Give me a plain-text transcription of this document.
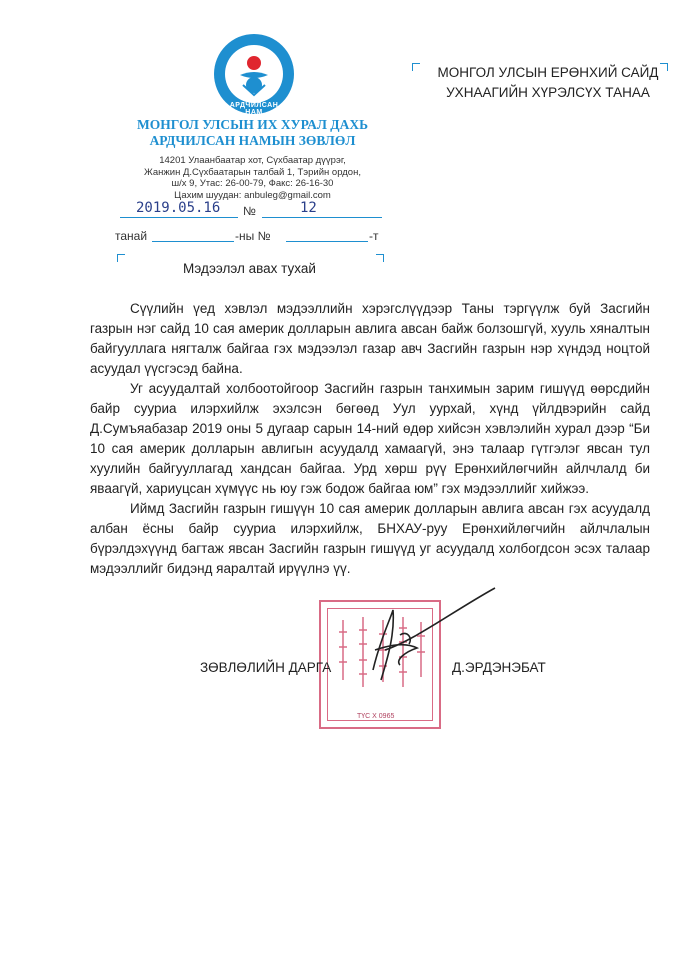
АРДЧИЛСАН НАМ
МОНГОЛ УЛСЫН ИХ ХУРАЛ ДАХЬ
АРДЧИЛСАН НАМЫН ЗӨВЛӨЛ
14201 Улаанбаатар хот, Сүхбаатар дүүрэг,
Жанжин Д.Сүхбаатарын талбай 1, Тэрийн ордон,
ш/х 9, Утас: 26-00-79, Факс: 26-16-30
Цахим шуудан: anbuleg@gmail.com
2019.05.16 №	12
танай	-ны №	-т
МОНГОЛ УЛСЫН ЕРӨНХИЙ САЙД
УХНААГИЙН ХҮРЭЛСҮХ ТАНАА
Мэдээлэл авах тухай
Сүүлийн үед хэвлэл мэдээллийн хэрэгслүүдээр Таны тэргүүлж буй Засгийн газрын нэг сайд 10 сая америк долларын авлига авсан байж болзошгүй, хууль хяналтын байгууллага нягталж байгаа гэх мэдээлэл газар авч Засгийн газрын нэр хүндэд ноцтой асуудал үүсгэсэд байна.
Уг асуудалтай холбоотойгоор Засгийн газрын танхимын зарим гишүүд өөрсдийн байр сууриа илэрхийлж эхэлсэн бөгөөд Уул уурхай, хүнд үйлдвэрийн сайд Д.Сумъяабазар 2019 оны 5 дугаар сарын 14-ний өдөр хийсэн хэвлэлийн хурал дээр “Би 10 сая америк долларын авлигын асуудалд хамаагүй, энэ талаар гүтгэлэг явсан тул хуулийн байгууллагад хандсан байгаа. Урд хөрш рүү Ерөнхийлөгчийн айлчлалд би яваагүй, хариуцсан хүмүүс нь юу гэж бодож байгаа юм” гэх мэдээллийг хийжээ.
Иймд Засгийн газрын гишүүн 10 сая америк долларын авлига авсан гэх асуудалд албан ёсны байр сууриа илэрхийлж, БНХАУ-руу Ерөнхийлөгчийн айлчлалын бүрэлдэхүүнд багтаж явсан Засгийн газрын гишүүд уг асуудалд холбогдсон эсэх талаар мэдээллийг бидэнд яаралтай ирүүлнэ үү.
ТҮС Х 0965
ЗӨВЛӨЛИЙН ДАРГА	Д.ЭРДЭНЭБАТ
